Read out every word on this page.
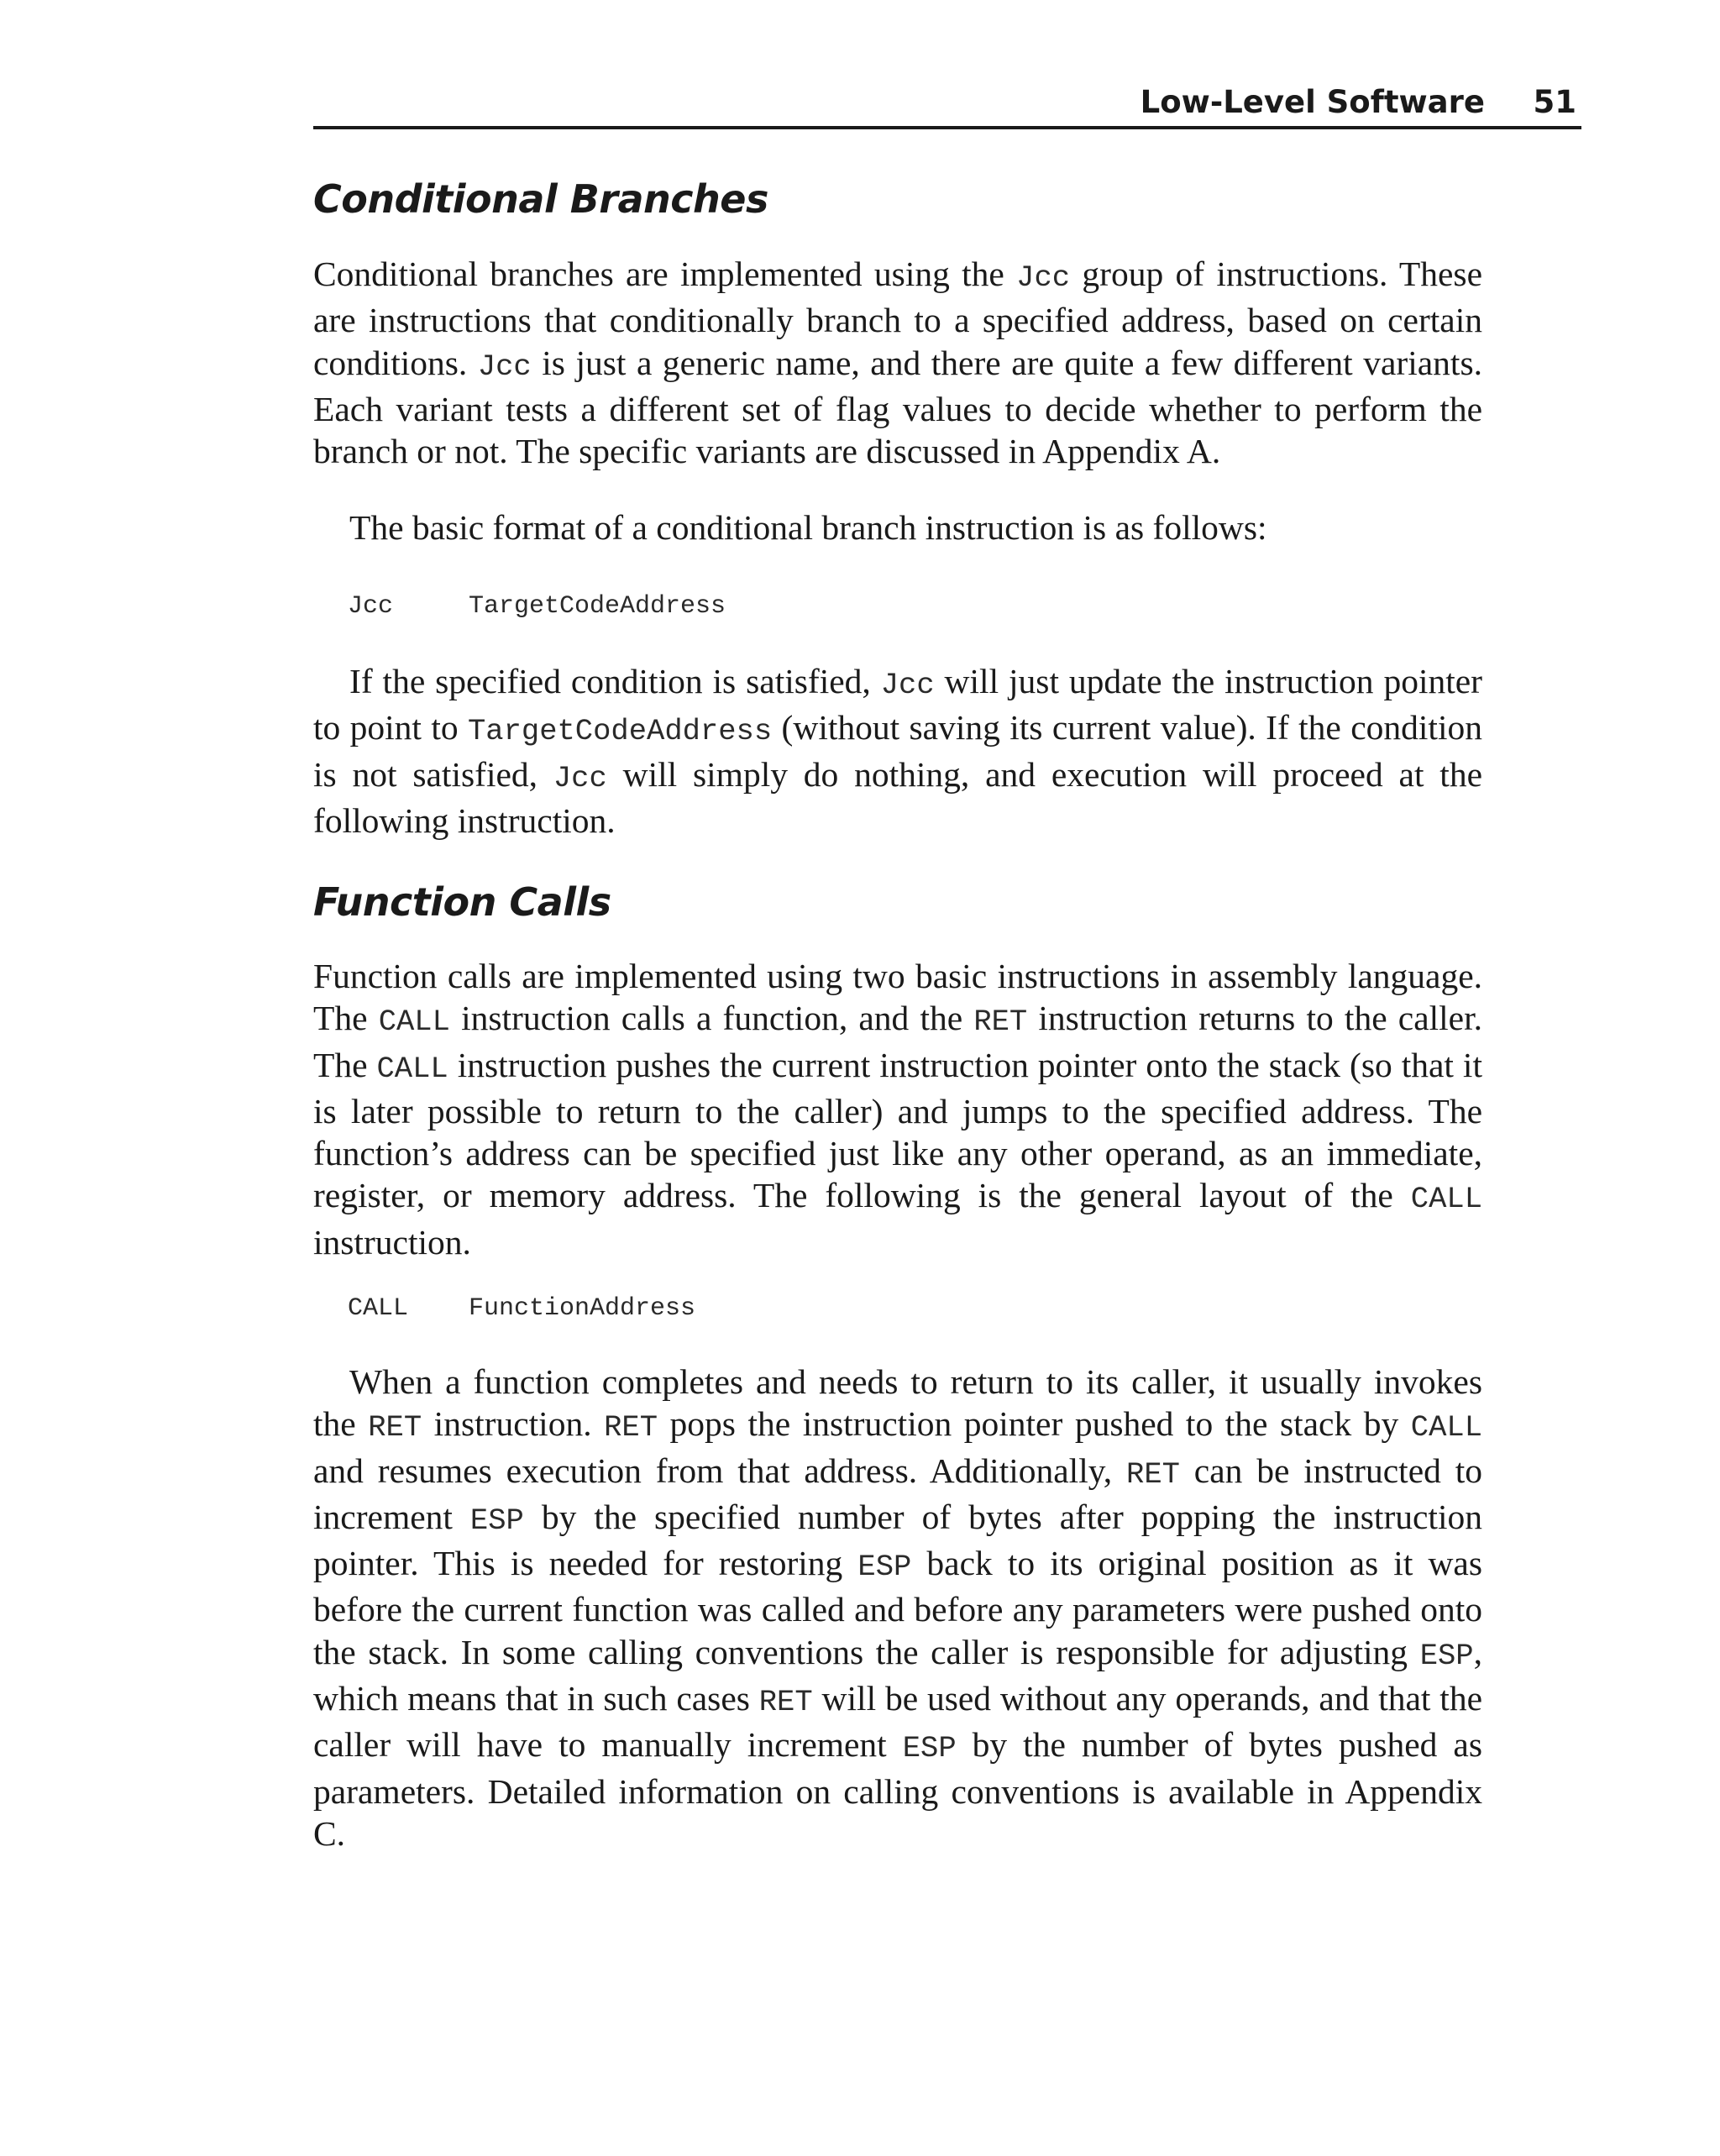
Low-Level Software 51
Conditional Branches

Conditional branches are implemented using the Jcc group of instructions. These are instructions that conditionally branch to a specified address, based on certain conditions. Jcc is just a generic name, and there are quite a few different variants. Each variant tests a different set of flag values to decide whether to perform the branch or not. The specific variants are discussed in Appendix A.

The basic format of a conditional branch instruction is as follows:

Jcc	TargetCodeAddress

If the specified condition is satisfied, Jcc will just update the instruction pointer to point to TargetCodeAddress (without saving its current value). If the condition is not satisfied, Jcc will simply do nothing, and execution will proceed at the following instruction.

Function Calls

Function calls are implemented using two basic instructions in assembly language. The CALL instruction calls a function, and the RET instruction returns to the caller. The CALL instruction pushes the current instruction pointer onto the stack (so that it is later possible to return to the caller) and jumps to the specified address. The function’s address can be specified just like any other operand, as an immediate, register, or memory address. The following is the general layout of the CALL instruction.

CALL FunctionAddress

When a function completes and needs to return to its caller, it usually invokes the RET instruction. RET pops the instruction pointer pushed to the stack by CALL and resumes execution from that address. Additionally, RET can be instructed to increment ESP by the specified number of bytes after popping the instruction pointer. This is needed for restoring ESP back to its original position as it was before the current function was called and before any parameters were pushed onto the stack. In some calling conventions the caller is responsible for adjusting ESP, which means that in such cases RET will be used without any operands, and that the caller will have to manually increment ESP by the number of bytes pushed as parameters. Detailed information on calling conventions is available in Appendix C.
